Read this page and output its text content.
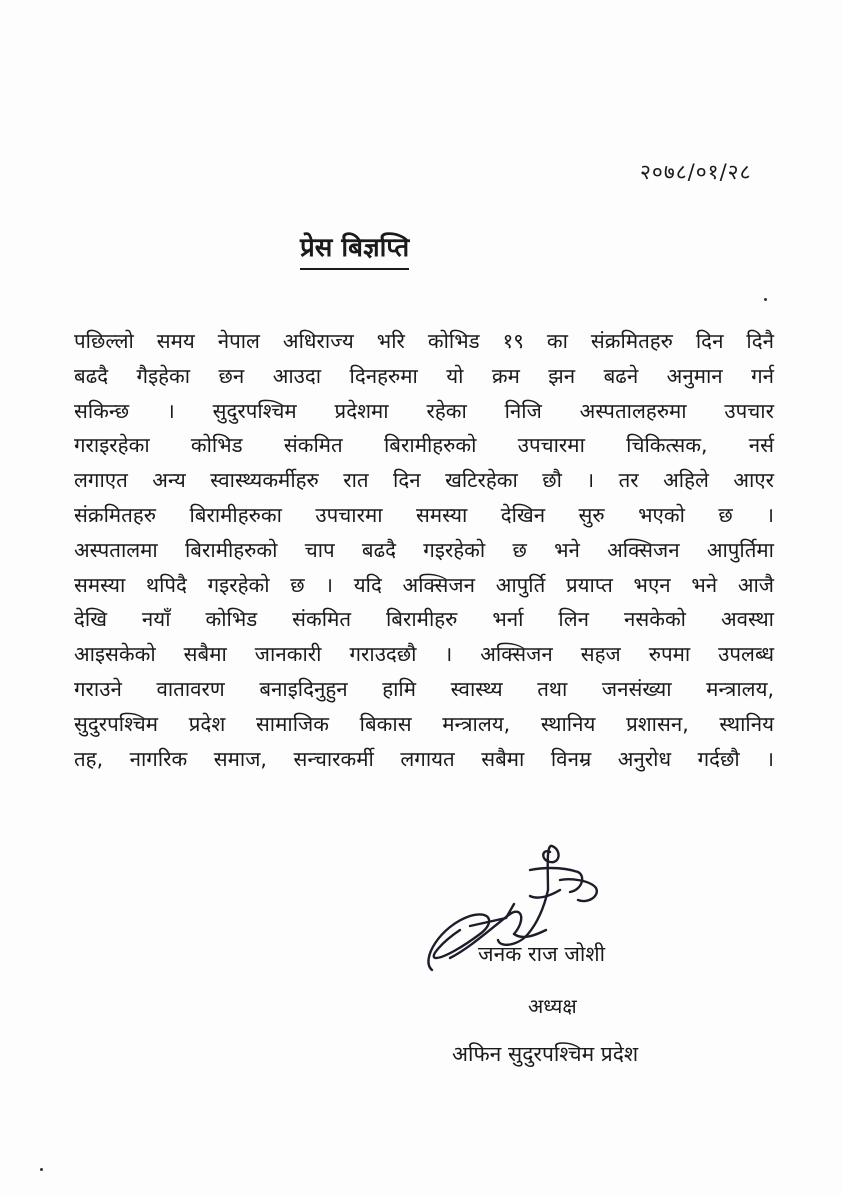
२०७८/०१/२८
प्रेस बिज्ञप्ति
पछिल्लो समय नेपाल अधिराज्य भरि कोभिड १९ का संक्रमितहरु दिन दिनै
बढदै गैइहेका छन आउदा दिनहरुमा यो क्रम झन बढने अनुमान गर्न
सकिन्छ । सुदुरपश्चिम प्रदेशमा रहेका निजि अस्पतालहरुमा उपचार
गराइरहेका कोभिड संकमित बिरामीहरुको उपचारमा चिकित्सक, नर्स
लगाएत अन्य स्वास्थ्यकर्मीहरु रात दिन खटिरहेका छौ । तर अहिले आएर
संक्रमितहरु बिरामीहरुका उपचारमा समस्या देखिन सुरु भएको छ ।
अस्पतालमा बिरामीहरुको चाप बढदै गइरहेको छ भने अक्सिजन आपुर्तिमा
समस्या थपिदै गइरहेको छ । यदि अक्सिजन आपुर्ति प्रयाप्त भएन भने आजै
देखि नयाँ कोभिड संकमित बिरामीहरु भर्ना लिन नसकेको अवस्था
आइसकेको सबैमा जानकारी गराउदछौ । अक्सिजन सहज रुपमा उपलब्ध
गराउने वातावरण बनाइदिनुहुन हामि स्वास्थ्य तथा जनसंख्या मन्त्रालय,
सुदुरपश्चिम प्रदेश सामाजिक बिकास मन्त्रालय, स्थानिय प्रशासन, स्थानिय
तह, नागरिक समाज, सन्चारकर्मी लगायत सबैमा विनम्र अनुरोध गर्दछौ ।
जनक राज जोशी
अध्यक्ष
अफिन सुदुरपश्चिम प्रदेश
